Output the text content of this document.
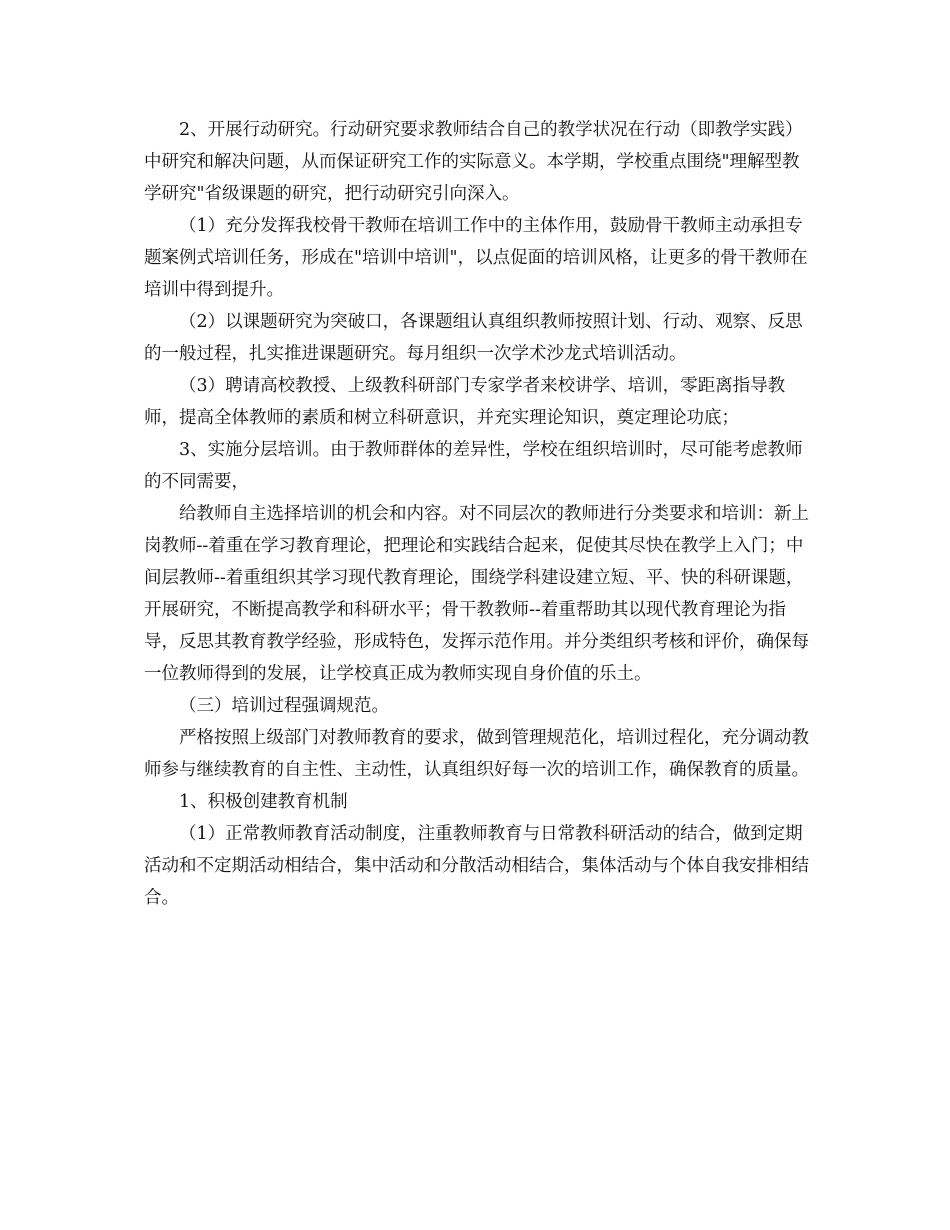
2、开展行动研究。行动研究要求教师结合自己的教学状况在行动（即教学实践）中研究和解决问题，从而保证研究工作的实际意义。本学期，学校重点围绕"理解型教学研究"省级课题的研究，把行动研究引向深入。

（1）充分发挥我校骨干教师在培训工作中的主体作用，鼓励骨干教师主动承担专题案例式培训任务，形成在"培训中培训"，以点促面的培训风格，让更多的骨干教师在培训中得到提升。

（2）以课题研究为突破口，各课题组认真组织教师按照计划、行动、观察、反思的一般过程，扎实推进课题研究。每月组织一次学术沙龙式培训活动。

（3）聘请高校教授、上级教科研部门专家学者来校讲学、培训，零距离指导教师，提高全体教师的素质和树立科研意识，并充实理论知识，奠定理论功底；

3、实施分层培训。由于教师群体的差异性，学校在组织培训时，尽可能考虑教师的不同需要，

给教师自主选择培训的机会和内容。对不同层次的教师进行分类要求和培训：新上岗教师--着重在学习教育理论，把理论和实践结合起来，促使其尽快在教学上入门；中间层教师--着重组织其学习现代教育理论，围绕学科建设建立短、平、快的科研课题，开展研究，不断提高教学和科研水平；骨干教教师--着重帮助其以现代教育理论为指导，反思其教育教学经验，形成特色，发挥示范作用。并分类组织考核和评价，确保每一位教师得到的发展，让学校真正成为教师实现自身价值的乐土。

（三）培训过程强调规范。

严格按照上级部门对教师教育的要求，做到管理规范化，培训过程化，充分调动教师参与继续教育的自主性、主动性，认真组织好每一次的培训工作，确保教育的质量。

1、积极创建教育机制

（1）正常教师教育活动制度，注重教师教育与日常教科研活动的结合，做到定期活动和不定期活动相结合，集中活动和分散活动相结合，集体活动与个体自我安排相结合。
